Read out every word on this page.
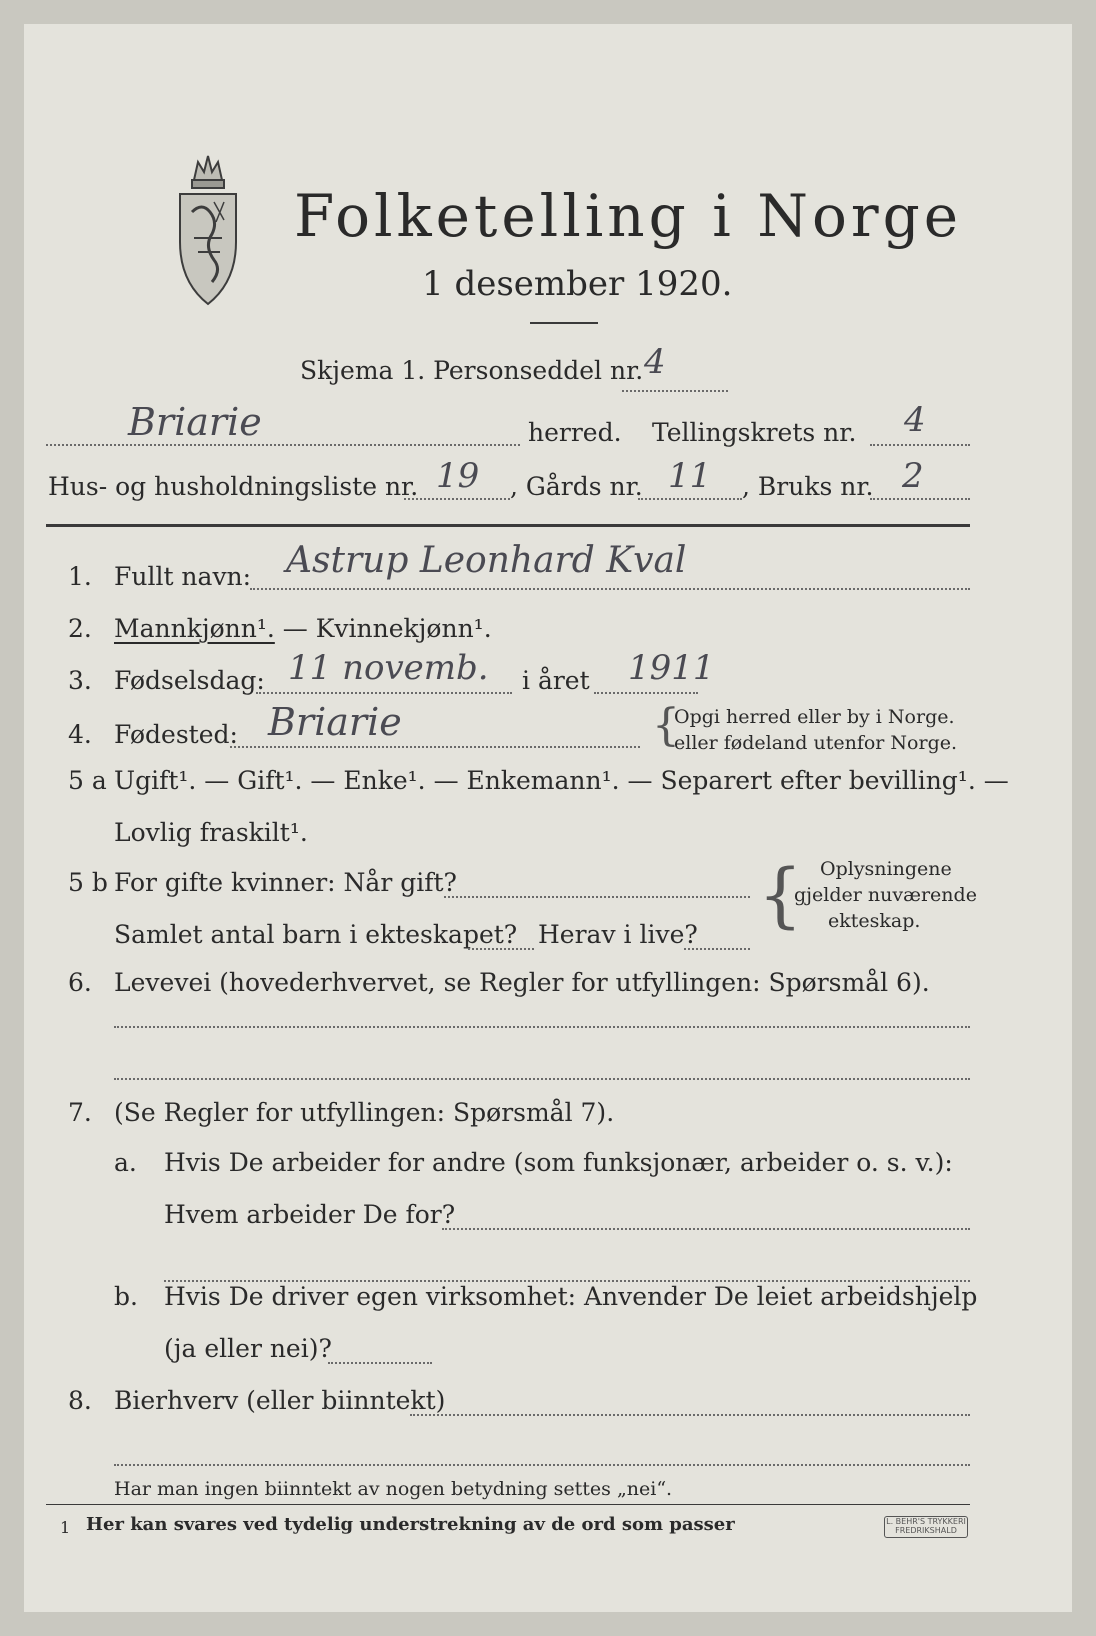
Folketelling i Norge
1 desember 1920.
Skjema 1. Personseddel nr. 4
Briarie	herred. Tellingskrets nr. 4
Hus- og husholdningsliste nr. 19 , Gårds nr. 11 , Bruks nr. 2
1. Fullt navn: Astrup Leonhard Kval
2. Mannkjønn¹. — Kvinnekjønn¹.
3. Fødselsdag: 11 novemb. i året 1911
4. Fødested: Briarie	{
Opgi herred eller by i Norge.
eller fødeland utenfor Norge.
5 a Ugift¹. — Gift¹. — Enke¹. — Enkemann¹. — Separert efter bevilling¹. —
Lovlig fraskilt¹.
5 b For gifte kvinner: Når gift?
Samlet antal barn i ekteskapet? Herav i live? { Oplysningene
gjelder nuværende
ekteskap.
6. Levevei (hovederhvervet, se Regler for utfyllingen: Spørsmål 6).
7. (Se Regler for utfyllingen: Spørsmål 7).
a. Hvis De arbeider for andre (som funksjonær, arbeider o. s. v.):
Hvem arbeider De for?
b. Hvis De driver egen virksomhet: Anvender De leiet arbeidshjelp
(ja eller nei)?
8. Bierhverv (eller biinntekt)
Har man ingen biinntekt av nogen betydning settes „nei“.
1 Her kan svares ved tydelig understrekning av de ord som passer	L. BEHR'S TRYKKERI
FREDRIKSHALD
